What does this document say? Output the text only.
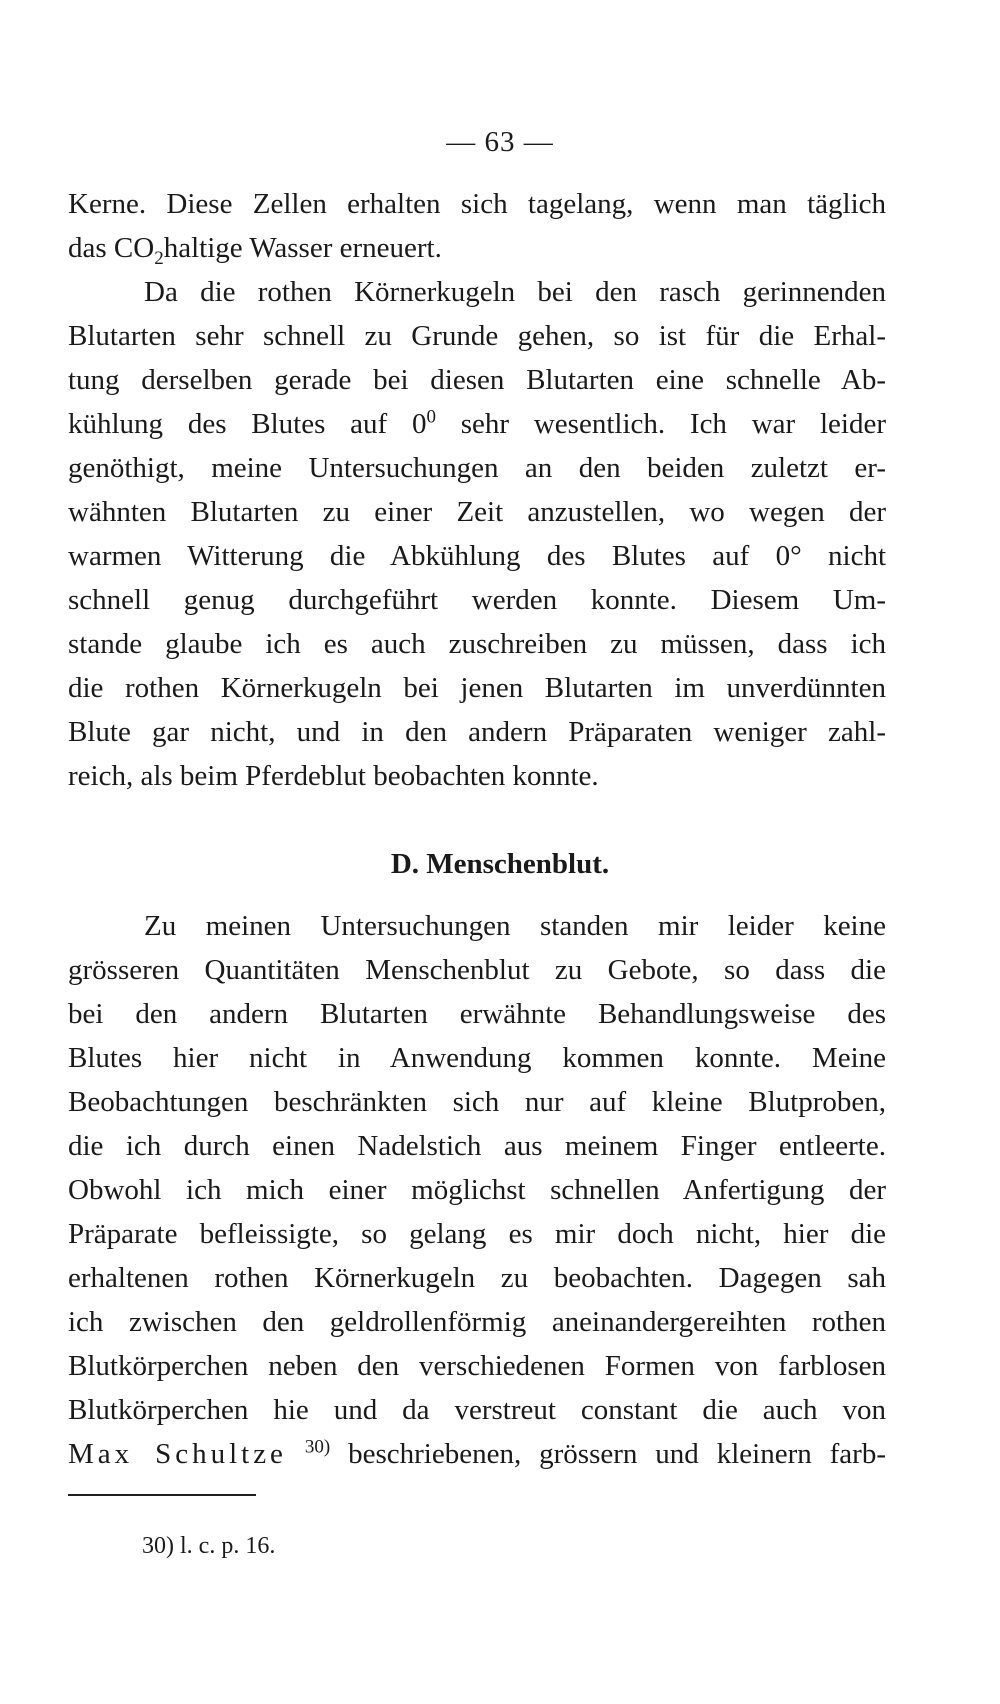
— 63 —
Kerne. Diese Zellen erhalten sich tagelang, wenn man täglich
das $CO_2haltige$ Wasser erneuert.
Da die rothen Körnerkugeln bei den rasch gerinnenden
Blutarten sehr schnell zu Grunde gehen, so ist für die Erhal-
tung derselben gerade bei diesen Blutarten eine schnelle Ab-
kühlung des Blutes auf $0^0$ sehr wesentlich. Ich war leider
genöthigt, meine Untersuchungen an den beiden zuletzt er-
wähnten Blutarten zu einer Zeit anzustellen, wo wegen der
warmen Witterung die Abkühlung des Blutes auf 0° nicht
schnell genug durchgeführt werden konnte. Diesem Um-
stande glaube ich es auch zuschreiben zu müssen, dass ich
die rothen Körnerkugeln bei jenen Blutarten im unverdünnten
Blute gar nicht, und in den andern Präparaten weniger zahl-
reich, als beim Pferdeblut beobachten konnte.
D. Menschenblut.
Zu meinen Untersuchungen standen mir leider keine
grösseren Quantitäten Menschenblut zu Gebote, so dass die
bei den andern Blutarten erwähnte Behandlungsweise des
Blutes hier nicht in Anwendung kommen konnte. Meine
Beobachtungen beschränkten sich nur auf kleine Blutproben,
die ich durch einen Nadelstich aus meinem Finger entleerte.
Obwohl ich mich einer möglichst schnellen Anfertigung der
Präparate befleissigte, so gelang es mir doch nicht, hier die
erhaltenen rothen Körnerkugeln zu beobachten. Dagegen sah
ich zwischen den geldrollenförmig aneinandergereihten rothen
Blutkörperchen neben den verschiedenen Formen von farblosen
Blutkörperchen hie und da verstreut constant die auch von
Max Schultze $^{30)}$ beschriebenen, grössern und kleinern farb-
30) l. c. p. 16.
